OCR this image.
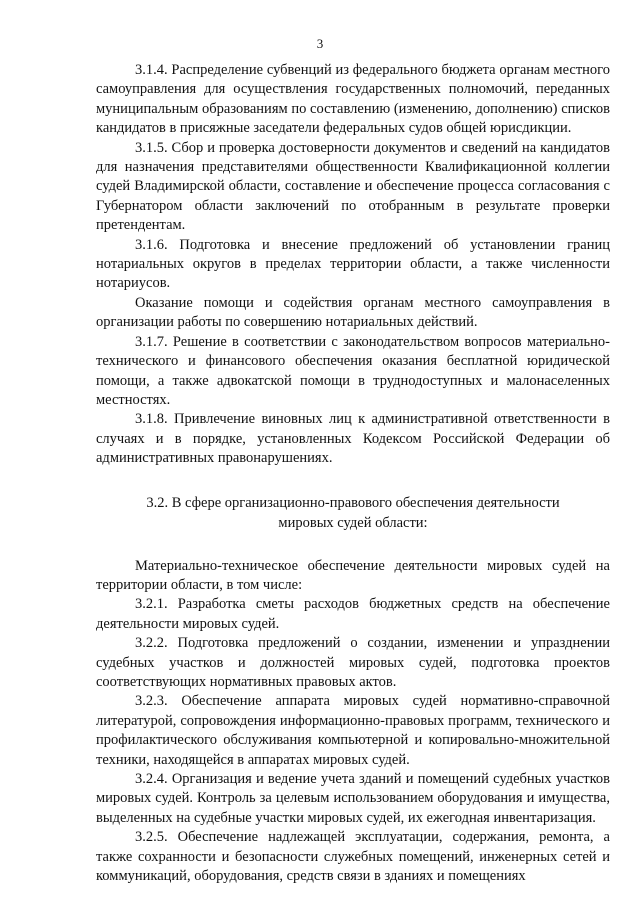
3

3.1.4. Распределение субвенций из федерального бюджета органам местного самоуправления для осуществления государственных полномочий, переданных муниципальным образованиям по составлению (изменению, дополнению) списков кандидатов в присяжные заседатели федеральных судов общей юрисдикции.

3.1.5. Сбор и проверка достоверности документов и сведений на кандидатов для назначения представителями общественности Квалификационной коллегии судей Владимирской области, составление и обеспечение процесса согласования с Губернатором области заключений по отобранным в результате проверки претендентам.

3.1.6. Подготовка и внесение предложений об установлении границ нотариальных округов в пределах территории области, а также численности нотариусов.

Оказание помощи и содействия органам местного самоуправления в организации работы по совершению нотариальных действий.

3.1.7. Решение в соответствии с законодательством вопросов материально-технического и финансового обеспечения оказания бесплатной юридической помощи, а также адвокатской помощи в труднодоступных и малонаселенных местностях.

3.1.8. Привлечение виновных лиц к административной ответственности в случаях и в порядке, установленных Кодексом Российской Федерации об административных правонарушениях.

3.2. В сфере организационно-правового обеспечения деятельности
мировых судей области:

Материально-техническое обеспечение деятельности мировых судей на территории области, в том числе:

3.2.1. Разработка сметы расходов бюджетных средств на обеспечение деятельности мировых судей.

3.2.2. Подготовка предложений о создании, изменении и упразднении судебных участков и должностей мировых судей, подготовка проектов соответствующих нормативных правовых актов.

3.2.3. Обеспечение аппарата мировых судей нормативно-справочной литературой, сопровождения информационно-правовых программ, технического и профилактического обслуживания компьютерной и копировально-множительной техники, находящейся в аппаратах мировых судей.

3.2.4. Организация и ведение учета зданий и помещений судебных участков мировых судей. Контроль за целевым использованием оборудования и имущества, выделенных на судебные участки мировых судей, их ежегодная инвентаризация.

3.2.5. Обеспечение надлежащей эксплуатации, содержания, ремонта, а также сохранности и безопасности служебных помещений, инженерных сетей и коммуникаций, оборудования, средств связи в зданиях и помещениях
